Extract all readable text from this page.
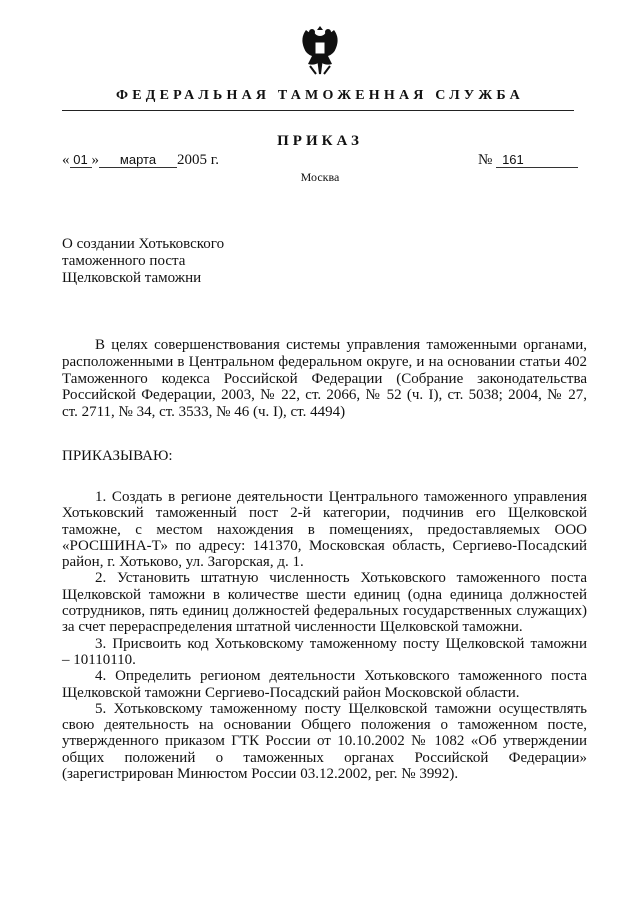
ФЕДЕРАЛЬНАЯ ТАМОЖЕННАЯ СЛУЖБА
ПРИКАЗ
« 01 » марта 2005 г.	№ 161
Москва
О создании Хотьковского
таможенного поста
Щелковской таможни
В целях совершенствования системы управления таможенными органами,
расположенными в Центральном федеральном округе, и на основании статьи 402
Таможенного кодекса Российской Федерации (Собрание законодательства
Российской Федерации, 2003, № 22, ст. 2066, № 52 (ч. I), ст. 5038; 2004, № 27,
ст. 2711, № 34, ст. 3533, № 46 (ч. I), ст. 4494)
ПРИКАЗЫВАЮ:
1. Создать в регионе деятельности Центрального таможенного управления
Хотьковский таможенный пост 2-й категории, подчинив его Щелковской
таможне, с местом нахождения в помещениях, предоставляемых ООО
«РОСШИНА-Т» по адресу: 141370, Московская область, Сергиево-Посадский
район, г. Хотьково, ул. Загорская, д. 1.
2. Установить штатную численность Хотьковского таможенного поста
Щелковской таможни в количестве шести единиц (одна единица должностей
сотрудников, пять единиц должностей федеральных государственных служащих)
за счет перераспределения штатной численности Щелковской таможни.
3. Присвоить код Хотьковскому таможенному посту Щелковской таможни
– 10110110.
4. Определить регионом деятельности Хотьковского таможенного поста
Щелковской таможни Сергиево-Посадский район Московской области.
5. Хотьковскому таможенному посту Щелковской таможни осуществлять
свою деятельность на основании Общего положения о таможенном посте,
утвержденного приказом ГТК России от 10.10.2002 № 1082 «Об утверждении
общих положений о таможенных органах Российской Федерации»
(зарегистрирован Минюстом России 03.12.2002, рег. № 3992).
